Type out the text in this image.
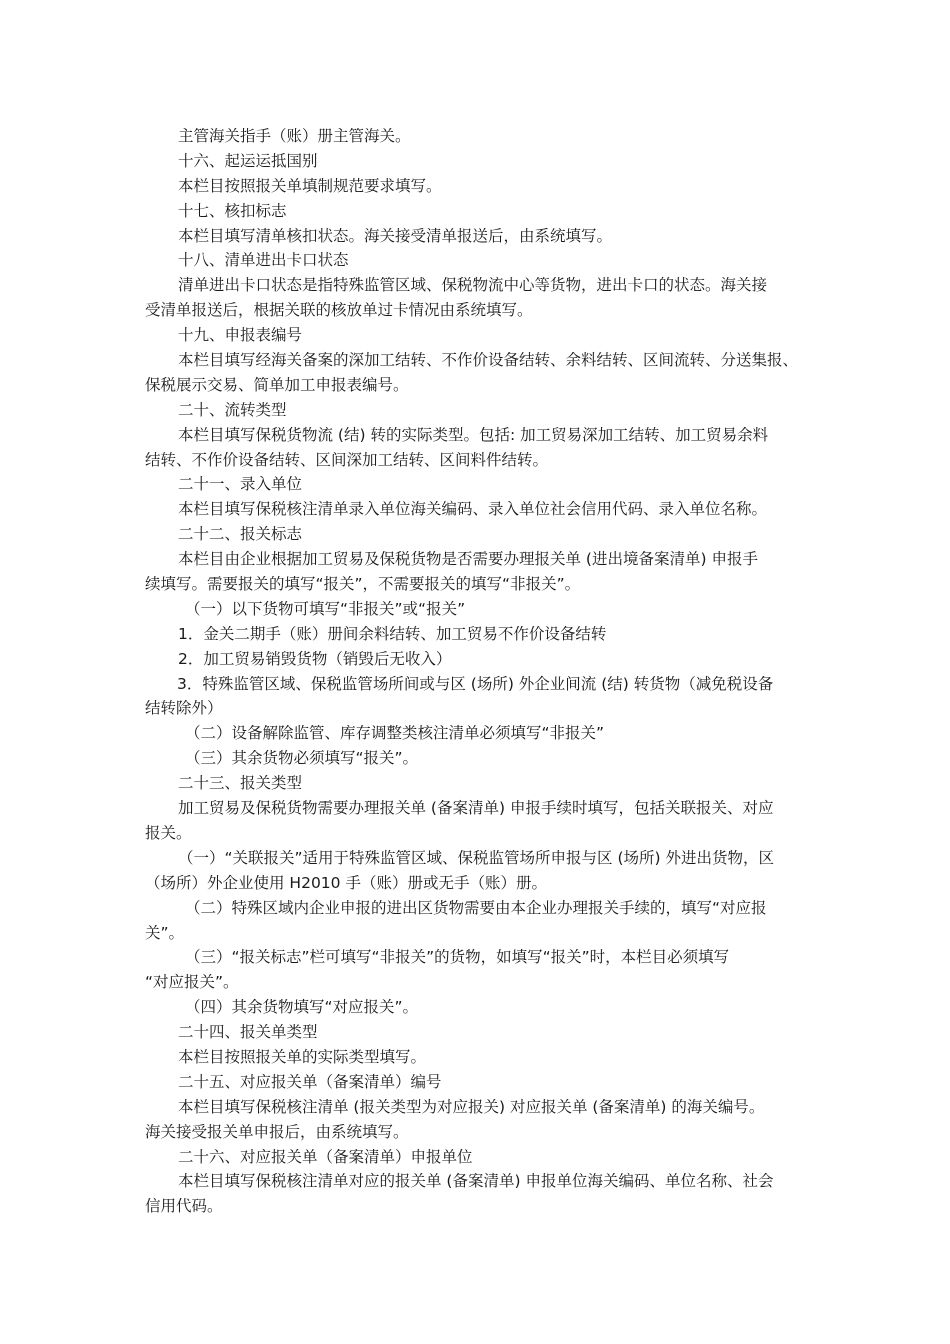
主管海关指手（账）册主管海关。
十六、起运运抵国别
本栏目按照报关单填制规范要求填写。
十七、核扣标志
本栏目填写清单核扣状态。海关接受清单报送后，由系统填写。
十八、清单进出卡口状态
清单进出卡口状态是指特殊监管区域、保税物流中心等货物，进出卡口的状态。海关接
受清单报送后，根据关联的核放单过卡情况由系统填写。
十九、申报表编号
本栏目填写经海关备案的深加工结转、不作价设备结转、余料结转、区间流转、分送集报、
保税展示交易、简单加工申报表编号。
二十、流转类型
本栏目填写保税货物流 (结) 转的实际类型。包括: 加工贸易深加工结转、加工贸易余料
结转、不作价设备结转、区间深加工结转、区间料件结转。
二十一、录入单位
本栏目填写保税核注清单录入单位海关编码、录入单位社会信用代码、录入单位名称。
二十二、报关标志
本栏目由企业根据加工贸易及保税货物是否需要办理报关单 (进出境备案清单) 申报手
续填写。需要报关的填写“报关”，不需要报关的填写“非报关”。
（一）以下货物可填写“非报关”或“报关”
1．金关二期手（账）册间余料结转、加工贸易不作价设备结转
2．加工贸易销毁货物（销毁后无收入）
3．特殊监管区域、保税监管场所间或与区 (场所) 外企业间流 (结) 转货物（减免税设备
结转除外）
（二）设备解除监管、库存调整类核注清单必须填写“非报关”
（三）其余货物必须填写“报关”。
二十三、报关类型
加工贸易及保税货物需要办理报关单 (备案清单) 申报手续时填写，包括关联报关、对应
报关。
（一）“关联报关”适用于特殊监管区域、保税监管场所申报与区 (场所) 外进出货物，区
（场所）外企业使用 H2010 手（账）册或无手（账）册。
（二）特殊区域内企业申报的进出区货物需要由本企业办理报关手续的，填写“对应报
关”。
（三）“报关标志”栏可填写“非报关”的货物，如填写“报关”时，本栏目必须填写
“对应报关”。
（四）其余货物填写“对应报关”。
二十四、报关单类型
本栏目按照报关单的实际类型填写。
二十五、对应报关单（备案清单）编号
本栏目填写保税核注清单 (报关类型为对应报关) 对应报关单 (备案清单) 的海关编号。
海关接受报关单申报后，由系统填写。
二十六、对应报关单（备案清单）申报单位
本栏目填写保税核注清单对应的报关单 (备案清单) 申报单位海关编码、单位名称、社会
信用代码。
